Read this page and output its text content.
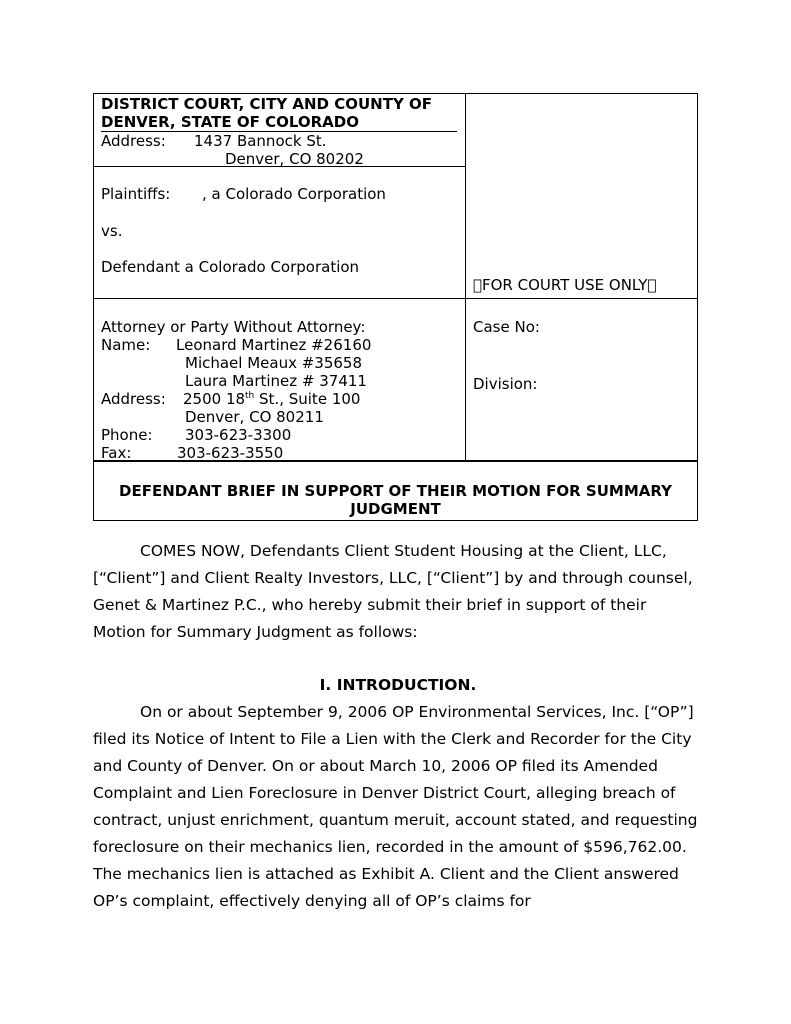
DISTRICT COURT, CITY AND COUNTY OF DENVER, STATE OF COLORADO
Address: 1437 Bannock St.
Denver, CO 80202

Plaintiffs: , a Colorado Corporation

vs.

Defendant a Colorado Corporation

FOR COURT USE ONLY
Attorney or Party Without Attorney:
Name: Leonard Martinez #26160
Michael Meaux #35658
Laura Martinez # 37411
Address: 2500 18th St., Suite 100
Denver, CO 80211
Phone: 303-623-3300
Fax:	303-623-3550
Case No:
Division:
DEFENDANT BRIEF IN SUPPORT OF THEIR MOTION FOR SUMMARY JUDGMENT

COMES NOW, Defendants Client Student Housing at the Client, LLC, [“Client”] and Client Realty Investors, LLC, [“Client”] by and through counsel, Genet & Martinez P.C., who hereby submit their brief in support of their Motion for Summary Judgment as follows:

I. INTRODUCTION.

On or about September 9, 2006 OP Environmental Services, Inc. [“OP”] filed its Notice of Intent to File a Lien with the Clerk and Recorder for the City and County of Denver. On or about March 10, 2006 OP filed its Amended Complaint and Lien Foreclosure in Denver District Court, alleging breach of contract, unjust enrichment, quantum meruit, account stated, and requesting foreclosure on their mechanics lien, recorded in the amount of $596,762.00. The mechanics lien is attached as Exhibit A. Client and the Client answered OP’s complaint, effectively denying all of OP’s claims for
